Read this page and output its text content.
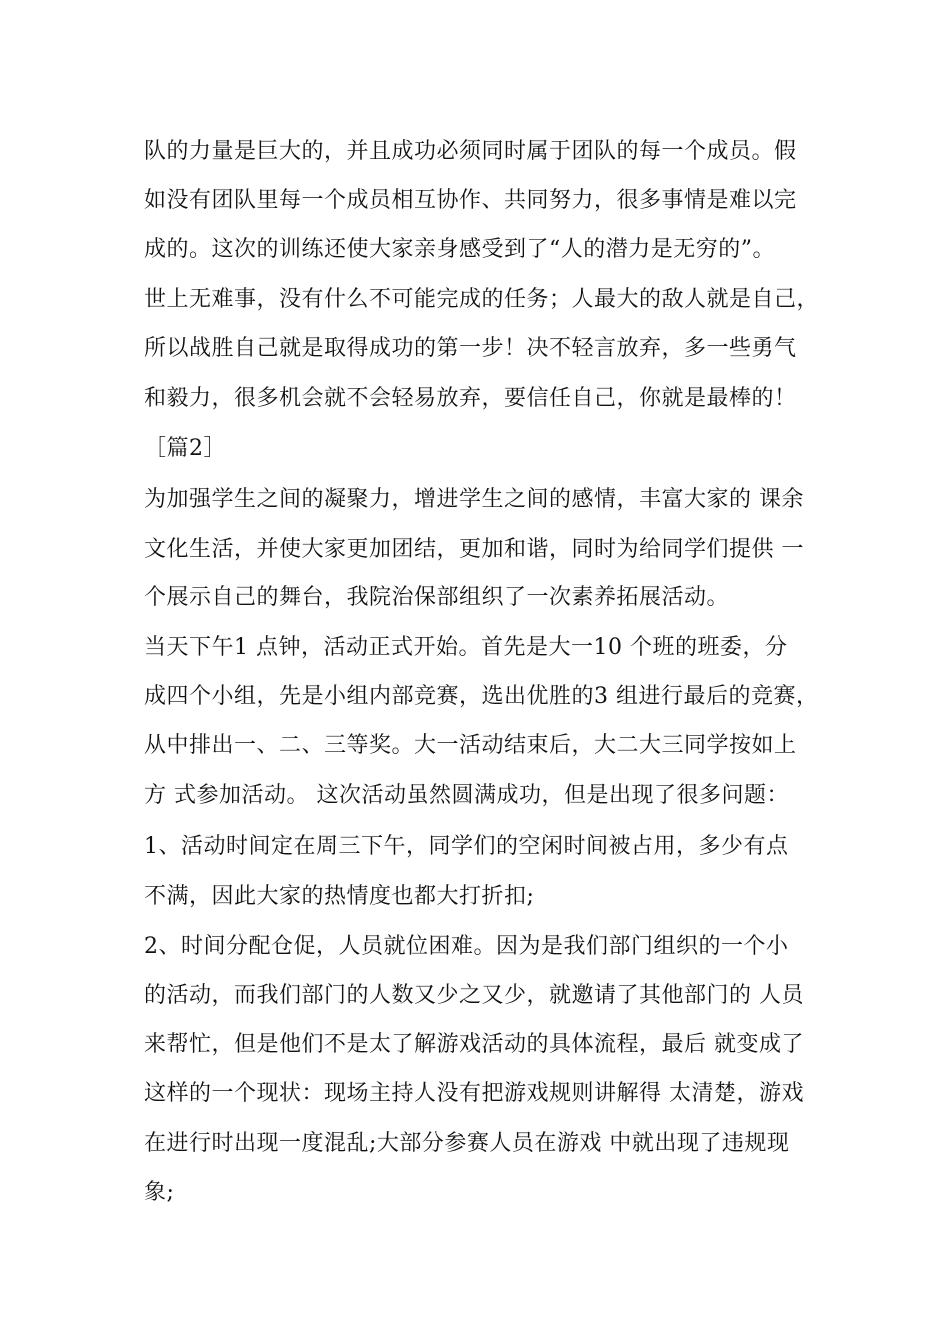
队的力量是巨大的，并且成功必须同时属于团队的每一个成员。假
如没有团队里每一个成员相互协作、共同努力，很多事情是难以完
成的。这次的训练还使大家亲身感受到了“人的潜力是无穷的”。
世上无难事，没有什么不可能完成的任务；人最大的敌人就是自己，
所以战胜自己就是取得成功的第一步！决不轻言放弃，多一些勇气
和毅力，很多机会就不会轻易放弃，要信任自己，你就是最棒的！
［篇2］
为加强学生之间的凝聚力，增进学生之间的感情，丰富大家的 课余
文化生活，并使大家更加团结，更加和谐，同时为给同学们提供 一
个展示自己的舞台，我院治保部组织了一次素养拓展活动。
当天下午1 点钟，活动正式开始。首先是大一10 个班的班委，分
成四个小组，先是小组内部竞赛，选出优胜的3 组进行最后的竞赛，
从中排出一、二、三等奖。大一活动结束后，大二大三同学按如上
方 式参加活动。 这次活动虽然圆满成功，但是出现了很多问题：
1、活动时间定在周三下午，同学们的空闲时间被占用，多少有点
不满，因此大家的热情度也都大打折扣;
2、时间分配仓促，人员就位困难。因为是我们部门组织的一个小
的活动，而我们部门的人数又少之又少，就邀请了其他部门的 人员
来帮忙，但是他们不是太了解游戏活动的具体流程，最后 就变成了
这样的一个现状：现场主持人没有把游戏规则讲解得 太清楚，游戏
在进行时出现一度混乱;大部分参赛人员在游戏 中就出现了违规现
象;
